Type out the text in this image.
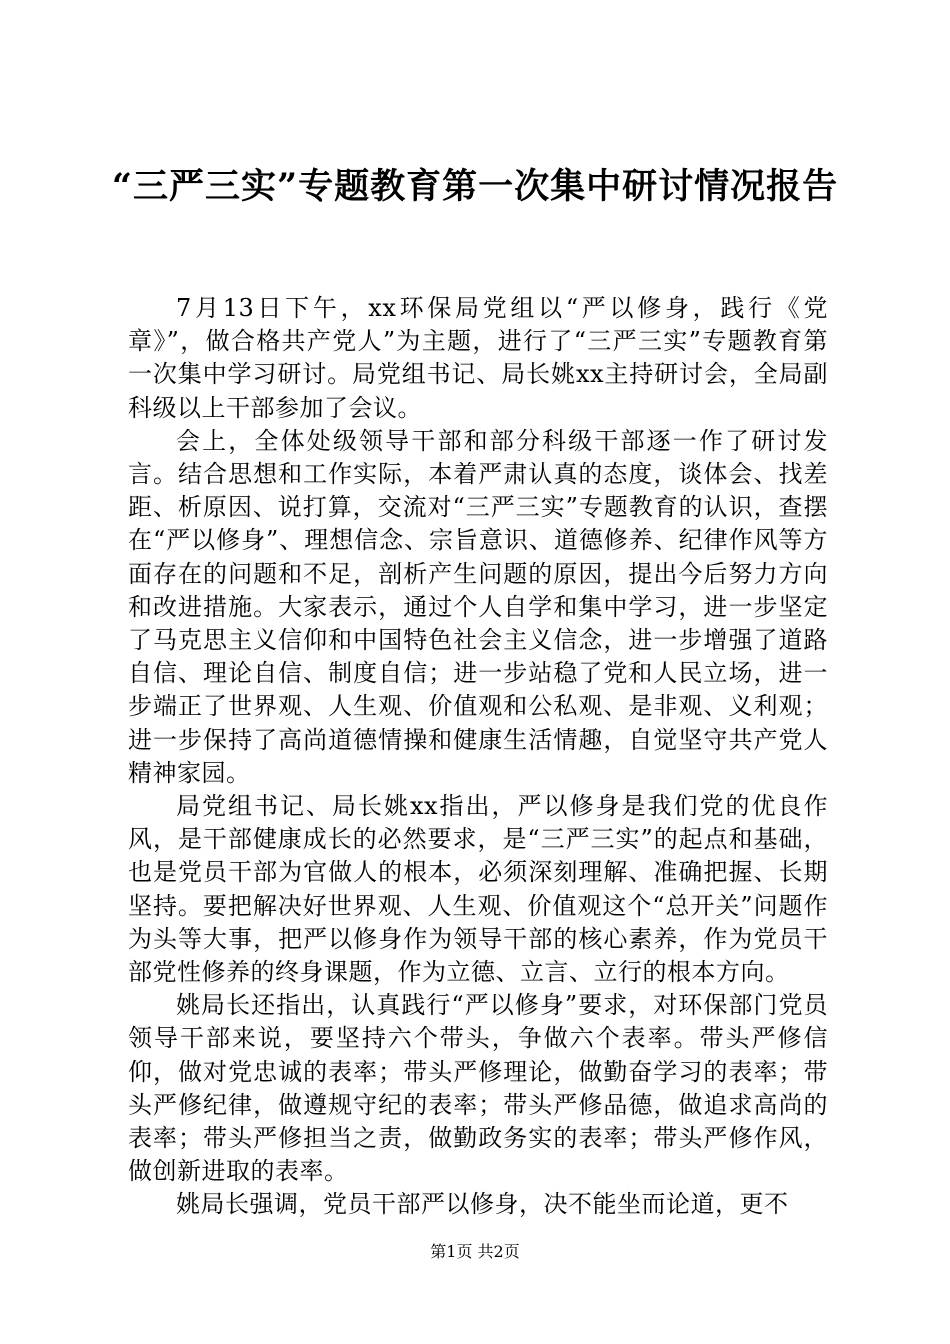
“三严三实”专题教育第一次集中研讨情况报告

7月13日下午，xx环保局党组以“严以修身，践行《党章》”，做合格共产党人”为主题，进行了“三严三实”专题教育第一次集中学习研讨。局党组书记、局长姚xx主持研讨会，全局副科级以上干部参加了会议。

会上，全体处级领导干部和部分科级干部逐一作了研讨发言。结合思想和工作实际，本着严肃认真的态度，谈体会、找差距、析原因、说打算，交流对“三严三实”专题教育的认识，查摆在“严以修身”、理想信念、宗旨意识、道德修养、纪律作风等方面存在的问题和不足，剖析产生问题的原因，提出今后努力方向和改进措施。大家表示，通过个人自学和集中学习，进一步坚定了马克思主义信仰和中国特色社会主义信念，进一步增强了道路自信、理论自信、制度自信；进一步站稳了党和人民立场，进一步端正了世界观、人生观、价值观和公私观、是非观、义利观；进一步保持了高尚道德情操和健康生活情趣，自觉坚守共产党人精神家园。

局党组书记、局长姚xx指出，严以修身是我们党的优良作风，是干部健康成长的必然要求，是“三严三实”的起点和基础，也是党员干部为官做人的根本，必须深刻理解、准确把握、长期坚持。要把解决好世界观、人生观、价值观这个“总开关”问题作为头等大事，把严以修身作为领导干部的核心素养，作为党员干部党性修养的终身课题，作为立德、立言、立行的根本方向。

姚局长还指出，认真践行“严以修身”要求，对环保部门党员领导干部来说，要坚持六个带头，争做六个表率。带头严修信仰，做对党忠诚的表率；带头严修理论，做勤奋学习的表率；带头严修纪律，做遵规守纪的表率；带头严修品德，做追求高尚的表率；带头严修担当之责，做勤政务实的表率；带头严修作风，做创新进取的表率。

姚局长强调，党员干部严以修身，决不能坐而论道，更不

第1页 共2页
